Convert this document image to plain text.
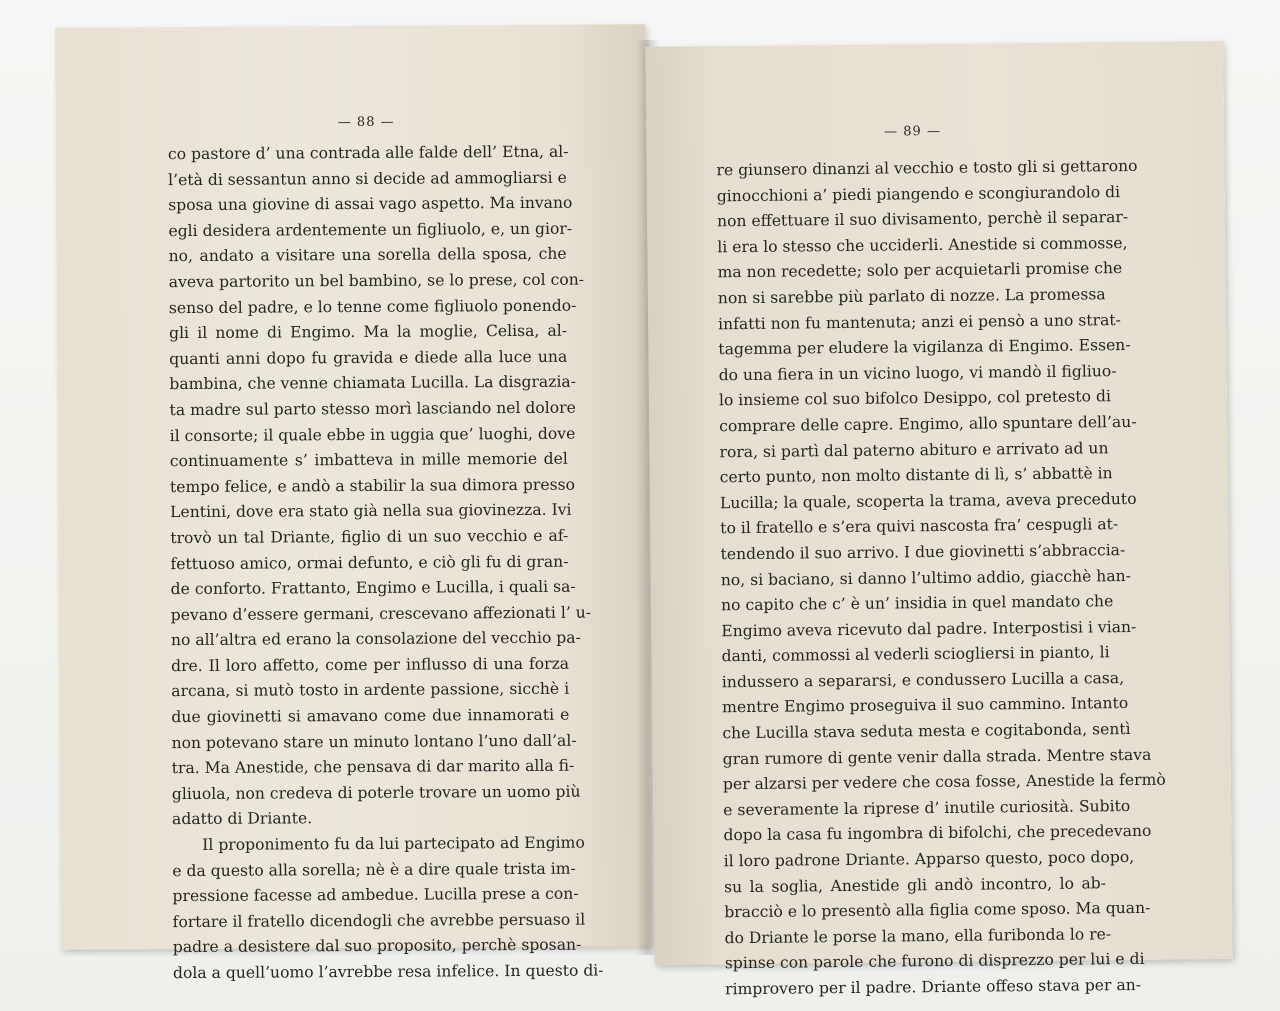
— 88 —
co pastore d’ una contrada alle falde dell’ Etna, al-
l’età di sessantun anno si decide ad ammogliarsi e
sposa una giovine di assai vago aspetto. Ma invano
egli desidera ardentemente un figliuolo, e, un gior-
no, andato a visitare una sorella della sposa, che
aveva partorito un bel bambino, se lo prese, col con-
senso del padre, e lo tenne come figliuolo ponendo-
gli il nome di Engimo. Ma la moglie, Celisa, al-
quanti anni dopo fu gravida e diede alla luce una
bambina, che venne chiamata Lucilla. La disgrazia-
ta madre sul parto stesso morì lasciando nel dolore
il consorte; il quale ebbe in uggia que’ luoghi, dove
continuamente s’ imbatteva in mille memorie del
tempo felice, e andò a stabilir la sua dimora presso
Lentini, dove era stato già nella sua giovinezza. Ivi
trovò un tal Driante, figlio di un suo vecchio e af-
fettuoso amico, ormai defunto, e ciò gli fu di gran-
de conforto. Frattanto, Engimo e Lucilla, i quali sa-
pevano d’essere germani, crescevano affezionati l’ u-
no all’altra ed erano la consolazione del vecchio pa-
dre. Il loro affetto, come per influsso di una forza
arcana, si mutò tosto in ardente passione, sicchè i
due giovinetti si amavano come due innamorati e
non potevano stare un minuto lontano l’uno dall’al-
tra. Ma Anestide, che pensava di dar marito alla fi-
gliuola, non credeva di poterle trovare un uomo più
adatto di Driante.
Il proponimento fu da lui partecipato ad Engimo
e da questo alla sorella; nè è a dire quale trista im-
pressione facesse ad ambedue. Lucilla prese a con-
fortare il fratello dicendogli che avrebbe persuaso il
padre a desistere dal suo proposito, perchè sposan-
dola a quell’uomo l’avrebbe resa infelice. In questo di-
— 89 —
re giunsero dinanzi al vecchio e tosto gli si gettarono
ginocchioni a’ piedi piangendo e scongiurandolo di
non effettuare il suo divisamento, perchè il separar-
li era lo stesso che ucciderli. Anestide si commosse,
ma non recedette; solo per acquietarli promise che
non si sarebbe più parlato di nozze. La promessa
infatti non fu mantenuta; anzi ei pensò a uno strat-
tagemma per eludere la vigilanza di Engimo. Essen-
do una fiera in un vicino luogo, vi mandò il figliuo-
lo insieme col suo bifolco Desippo, col pretesto di
comprare delle capre. Engimo, allo spuntare dell’au-
rora, si partì dal paterno abituro e arrivato ad un
certo punto, non molto distante di lì, s’ abbattè in
Lucilla; la quale, scoperta la trama, aveva preceduto
to il fratello e s’era quivi nascosta fra’ cespugli at-
tendendo il suo arrivo. I due giovinetti s’abbraccia-
no, si baciano, si danno l’ultimo addio, giacchè han-
no capito che c’ è un’ insidia in quel mandato che
Engimo aveva ricevuto dal padre. Interpostisi i vian-
danti, commossi al vederli sciogliersi in pianto, li
indussero a separarsi, e condussero Lucilla a casa,
mentre Engimo proseguiva il suo cammino. Intanto
che Lucilla stava seduta mesta e cogitabonda, sentì
gran rumore di gente venir dalla strada. Mentre stava
per alzarsi per vedere che cosa fosse, Anestide la fermò
e severamente la riprese d’ inutile curiosità. Subito
dopo la casa fu ingombra di bifolchi, che precedevano
il loro padrone Driante. Apparso questo, poco dopo,
su la soglia, Anestide gli andò incontro, lo ab-
bracciò e lo presentò alla figlia come sposo. Ma quan-
do Driante le porse la mano, ella furibonda lo re-
spinse con parole che furono di disprezzo per lui e di
rimprovero per il padre. Driante offeso stava per an-
